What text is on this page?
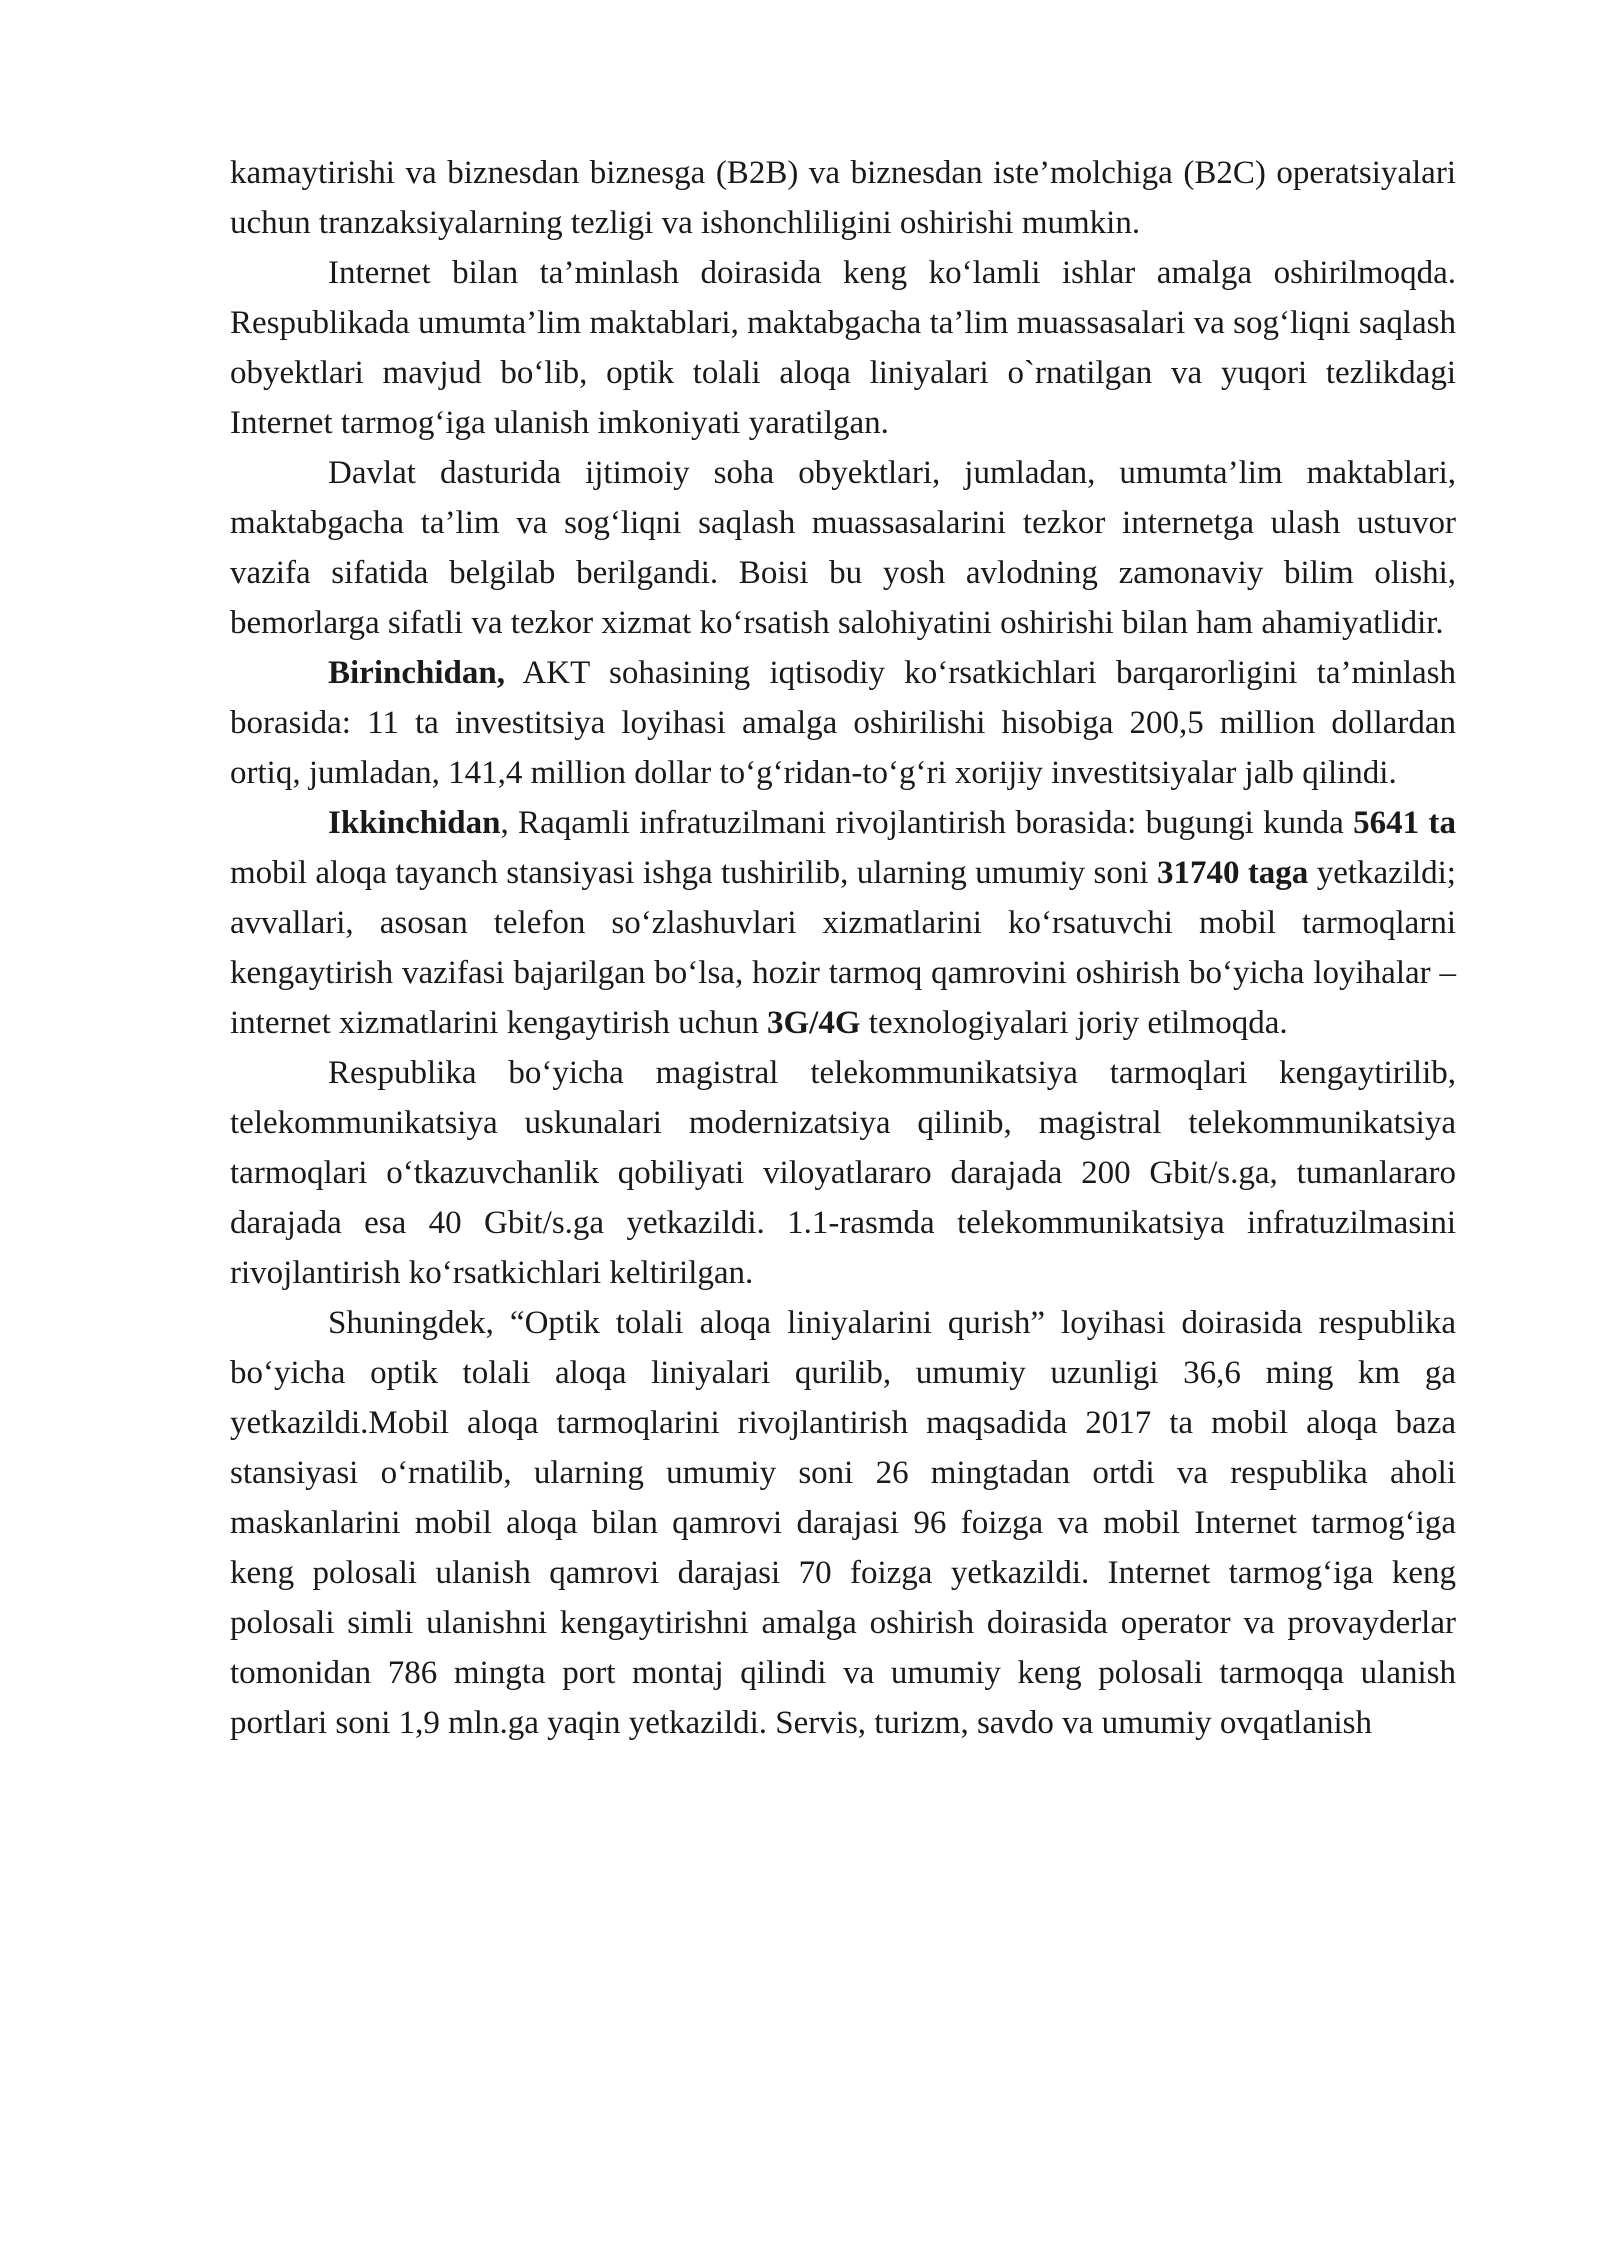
kamaytirishi va biznesdan biznesga (B2B) va biznesdan iste’molchiga (B2C) operatsiyalari uchun tranzaksiyalarning tezligi va ishonchliligini oshirishi mumkin.

Internet bilan ta’minlash doirasida keng ko‘lamli ishlar amalga oshirilmoqda. Respublikada umumta’lim maktablari, maktabgacha ta’lim muassasalari va sog‘liqni saqlash obyektlari mavjud bo‘lib, optik tolali aloqa liniyalari o`rnatilgan va yuqori tezlikdagi Internet tarmog‘iga ulanish imkoniyati yaratilgan.

Davlat dasturida ijtimoiy soha obyektlari, jumladan, umumta’lim maktablari, maktabgacha ta’lim va sog‘liqni saqlash muassasalarini tezkor internetga ulash ustuvor vazifa sifatida belgilab berilgandi. Boisi bu yosh avlodning zamonaviy bilim olishi, bemorlarga sifatli va tezkor xizmat ko‘rsatish salohiyatini oshirishi bilan ham ahamiyatlidir.

Birinchidan, AKT sohasining iqtisodiy ko‘rsatkichlari barqarorligini ta’minlash borasida: 11 ta investitsiya loyihasi amalga oshirilishi hisobiga 200,5 million dollardan ortiq, jumladan, 141,4 million dollar to‘g‘ridan-to‘g‘ri xorijiy investitsiyalar jalb qilindi.

Ikkinchidan, Raqamli infratuzilmani rivojlantirish borasida: bugungi kunda 5641 ta mobil aloqa tayanch stansiyasi ishga tushirilib, ularning umumiy soni 31740 taga yetkazildi; avvallari, asosan telefon so‘zlashuvlari xizmatlarini ko‘rsatuvchi mobil tarmoqlarni kengaytirish vazifasi bajarilgan bo‘lsa, hozir tarmoq qamrovini oshirish bo‘yicha loyihalar – internet xizmatlarini kengaytirish uchun 3G/4G texnologiyalari joriy etilmoqda.

Respublika bo‘yicha magistral telekommunikatsiya tarmoqlari kengaytirilib, telekommunikatsiya uskunalari modernizatsiya qilinib, magistral telekommunikatsiya tarmoqlari o‘tkazuvchanlik qobiliyati viloyatlararo darajada 200 Gbit/s.ga, tumanlararo darajada esa 40 Gbit/s.ga yetkazildi. 1.1-rasmda telekommunikatsiya infratuzilmasini rivojlantirish ko‘rsatkichlari keltirilgan.

Shuningdek, “Optik tolali aloqa liniyalarini qurish” loyihasi doirasida respublika bo‘yicha optik tolali aloqa liniyalari qurilib, umumiy uzunligi 36,6 ming km ga yetkazildi.Mobil aloqa tarmoqlarini rivojlantirish maqsadida 2017 ta mobil aloqa baza stansiyasi o‘rnatilib, ularning umumiy soni 26 mingtadan ortdi va respublika aholi maskanlarini mobil aloqa bilan qamrovi darajasi 96 foizga va mobil Internet tarmog‘iga keng polosali ulanish qamrovi darajasi 70 foizga yetkazildi. Internet tarmog‘iga keng polosali simli ulanishni kengaytirishni amalga oshirish doirasida operator va provayderlar tomonidan 786 mingta port montaj qilindi va umumiy keng polosali tarmoqqa ulanish portlari soni 1,9 mln.ga yaqin yetkazildi. Servis, turizm, savdo va umumiy ovqatlanish
